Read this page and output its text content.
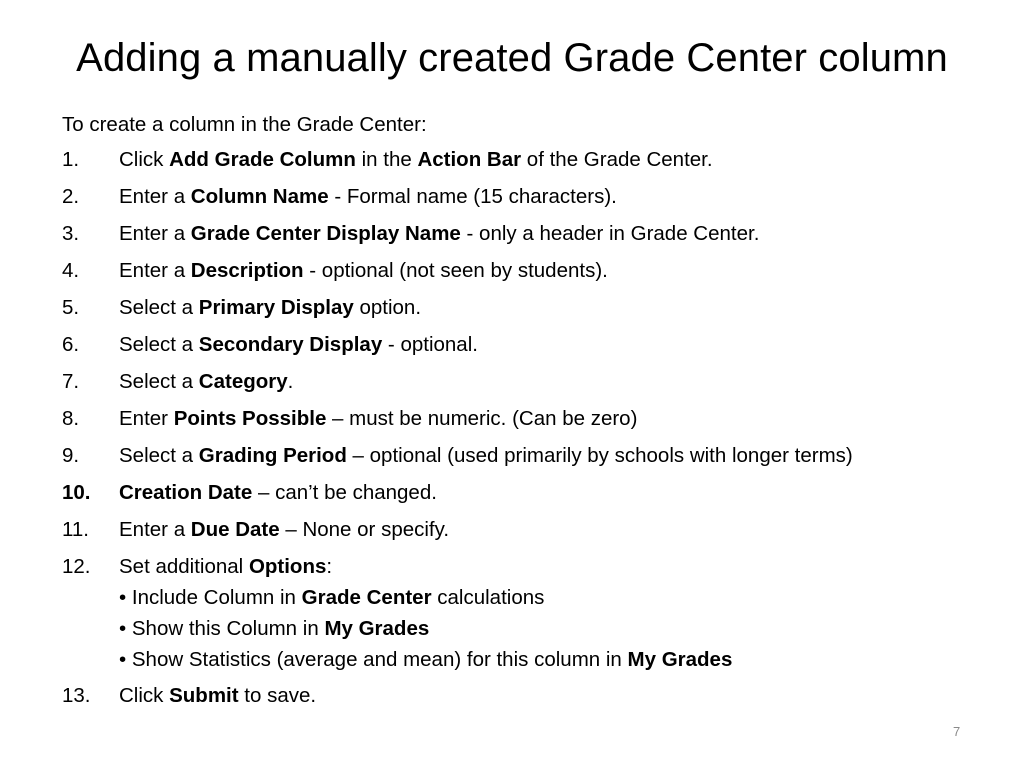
Adding a manually created Grade Center column

To create a column in the Grade Center:

1.	Click Add Grade Column in the Action Bar of the Grade Center.
2.	Enter a Column Name - Formal name (15 characters).
3.	Enter a Grade Center Display Name - only a header in Grade Center.
4.	Enter a Description - optional (not seen by students).
5.	Select a Primary Display option.
6.	Select a Secondary Display - optional.
7.	Select a Category.
8.	Enter Points Possible – must be numeric. (Can be zero)
9.	Select a Grading Period – optional (used primarily by schools with longer terms)
10.	Creation Date – can’t be changed.
11.	Enter a Due Date – None or specify.
12.	Set additional Options:
• Include Column in Grade Center calculations
• Show this Column in My Grades
• Show Statistics (average and mean) for this column in My Grades
13.	Click Submit to save.
7
